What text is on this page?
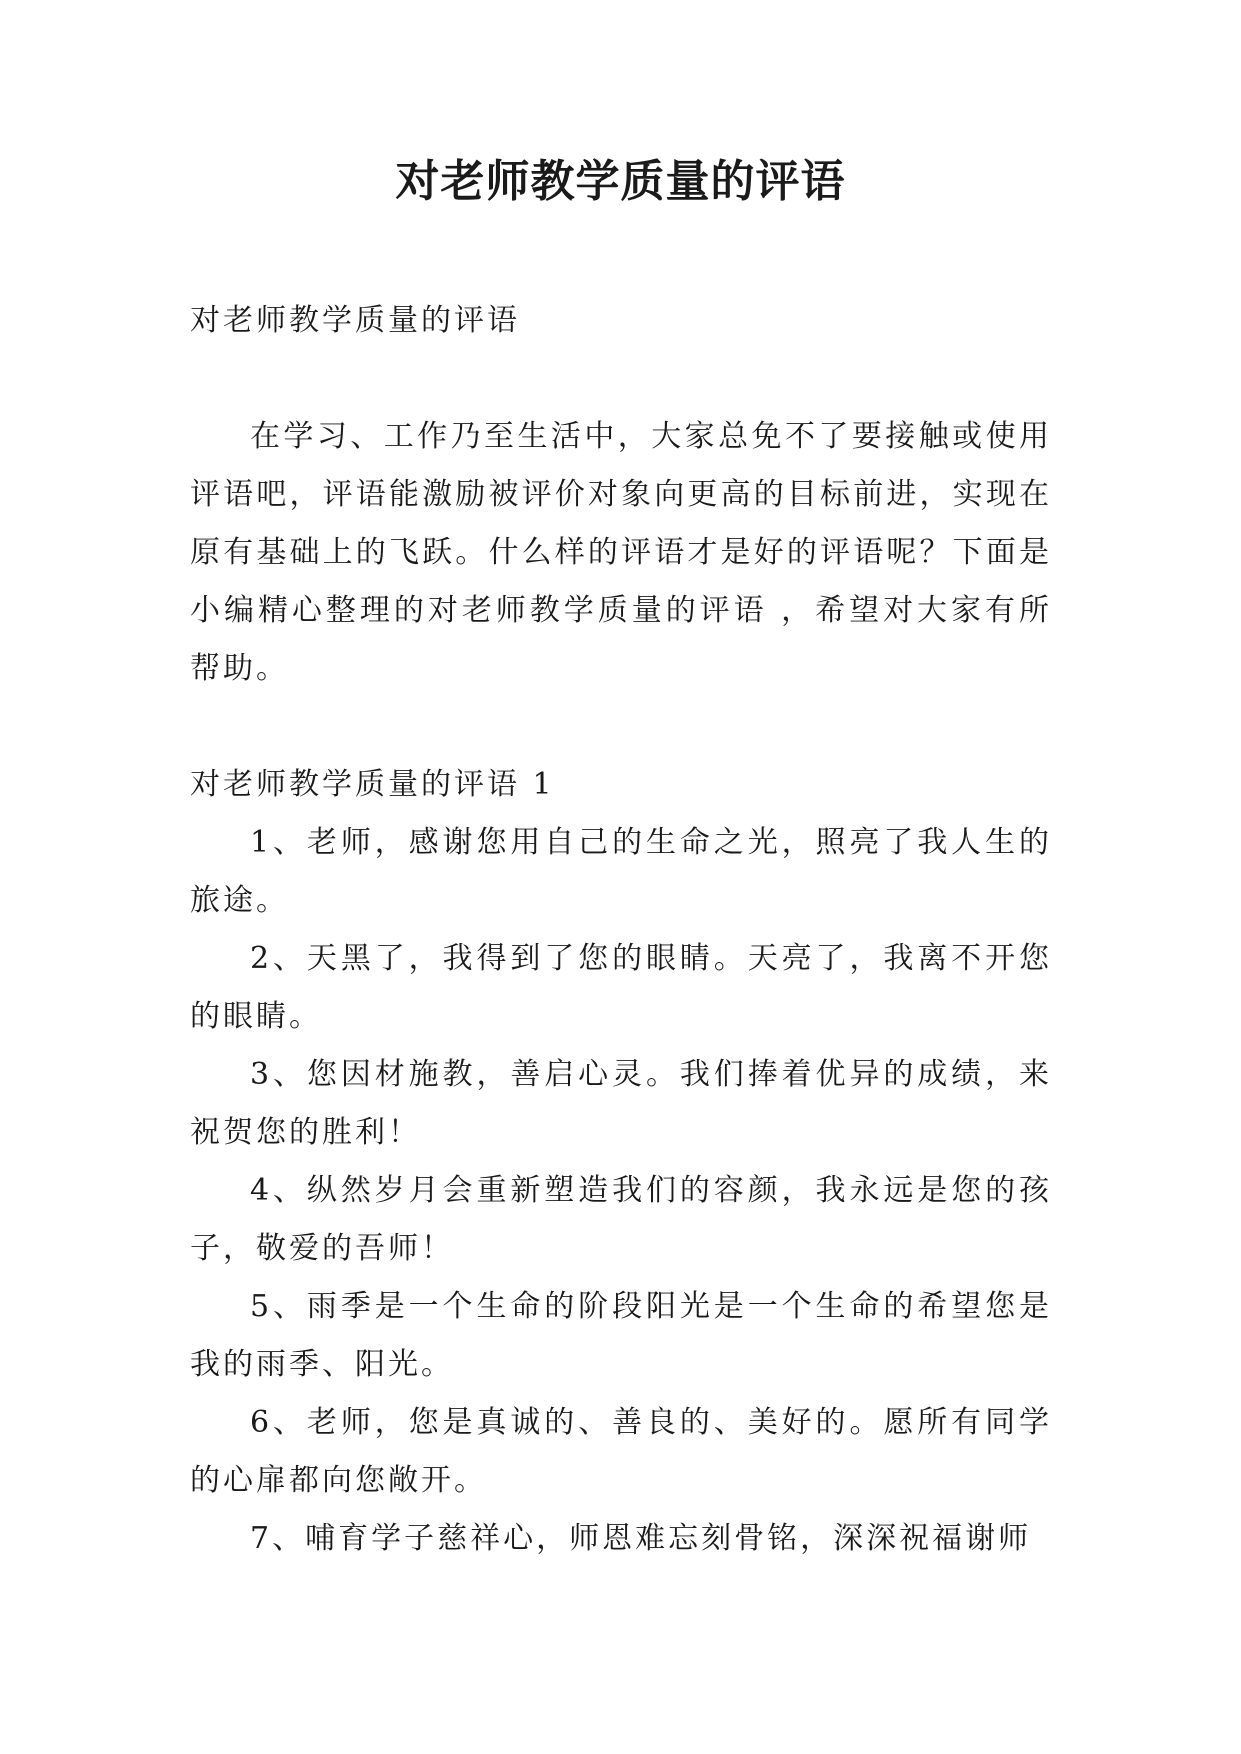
对老师教学质量的评语

对老师教学质量的评语

在学习、工作乃至生活中，大家总免不了要接触或使用评语吧，评语能激励被评价对象向更高的目标前进，实现在原有基础上的飞跃。什么样的评语才是好的评语呢？下面是小编精心整理的对老师教学质量的评语 ，希望对大家有所帮助。

对老师教学质量的评语 1

1、老师，感谢您用自己的生命之光，照亮了我人生的旅途。

2、天黑了，我得到了您的眼睛。天亮了，我离不开您的眼睛。

3、您因材施教，善启心灵。我们捧着优异的成绩，来祝贺您的胜利！

4、纵然岁月会重新塑造我们的容颜，我永远是您的孩子，敬爱的吾师！

5、雨季是一个生命的阶段阳光是一个生命的希望您是我的雨季、阳光。

6、老师，您是真诚的、善良的、美好的。愿所有同学的心扉都向您敞开。

7、哺育学子慈祥心，师恩难忘刻骨铭，深深祝福谢师
